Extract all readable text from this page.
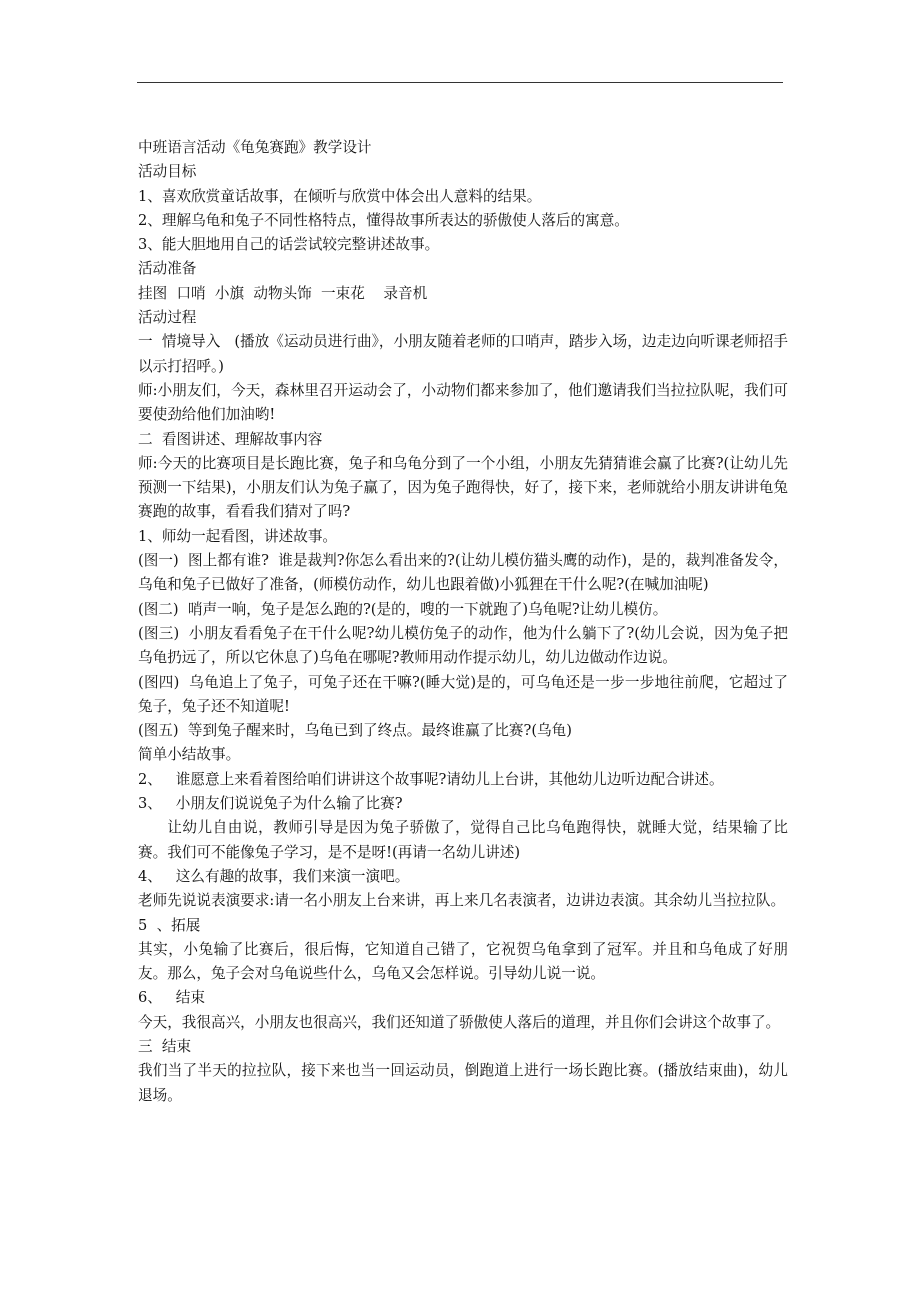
中班语言活动《龟兔赛跑》教学设计

活动目标

1、喜欢欣赏童话故事，在倾听与欣赏中体会出人意料的结果。

2、理解乌龟和兔子不同性格特点，懂得故事所表达的骄傲使人落后的寓意。

3、能大胆地用自己的话尝试较完整讲述故事。

活动准备

挂图  口哨  小旗  动物头饰  一束花    录音机

活动过程

一  情境导入   (播放《运动员进行曲》，小朋友随着老师的口哨声，踏步入场，边走边向听课老师招手以示打招呼。)

师:小朋友们，今天，森林里召开运动会了，小动物们都来参加了，他们邀请我们当拉拉队呢，我们可要使劲给他们加油哟!

二  看图讲述、理解故事内容

师:今天的比赛项目是长跑比赛，兔子和乌龟分到了一个小组，小朋友先猜猜谁会赢了比赛?(让幼儿先预测一下结果)，小朋友们认为兔子赢了，因为兔子跑得快，好了，接下来，老师就给小朋友讲讲龟兔赛跑的故事，看看我们猜对了吗?

1、师幼一起看图，讲述故事。

(图一)  图上都有谁?  谁是裁判?你怎么看出来的?(让幼儿模仿猫头鹰的动作)，是的，裁判准备发令，乌龟和兔子已做好了准备，(师模仿动作，幼儿也跟着做)小狐狸在干什么呢?(在喊加油呢)

(图二)  哨声一响，兔子是怎么跑的?(是的，嗖的一下就跑了)乌龟呢?让幼儿模仿。

(图三)  小朋友看看兔子在干什么呢?幼儿模仿兔子的动作，他为什么躺下了?(幼儿会说，因为兔子把乌龟扔远了，所以它休息了)乌龟在哪呢?教师用动作提示幼儿，幼儿边做动作边说。

(图四)  乌龟追上了兔子，可兔子还在干嘛?(睡大觉)是的，可乌龟还是一步一步地往前爬，它超过了兔子，兔子还不知道呢!

(图五)  等到兔子醒来时，乌龟已到了终点。最终谁赢了比赛?(乌龟)

简单小结故事。

2、   谁愿意上来看着图给咱们讲讲这个故事呢?请幼儿上台讲，其他幼儿边听边配合讲述。

3、   小朋友们说说兔子为什么输了比赛?

让幼儿自由说，教师引导是因为兔子骄傲了，觉得自己比乌龟跑得快，就睡大觉，结果输了比赛。我们可不能像兔子学习，是不是呀!(再请一名幼儿讲述)

4、   这么有趣的故事，我们来演一演吧。

老师先说说表演要求:请一名小朋友上台来讲，再上来几名表演者，边讲边表演。其余幼儿当拉拉队。

5  、拓展

其实，小兔输了比赛后，很后悔，它知道自己错了，它祝贺乌龟拿到了冠军。并且和乌龟成了好朋友。那么，兔子会对乌龟说些什么，乌龟又会怎样说。引导幼儿说一说。

6、   结束

今天，我很高兴，小朋友也很高兴，我们还知道了骄傲使人落后的道理，并且你们会讲这个故事了。

三  结束

我们当了半天的拉拉队，接下来也当一回运动员，倒跑道上进行一场长跑比赛。(播放结束曲)，幼儿退场。
